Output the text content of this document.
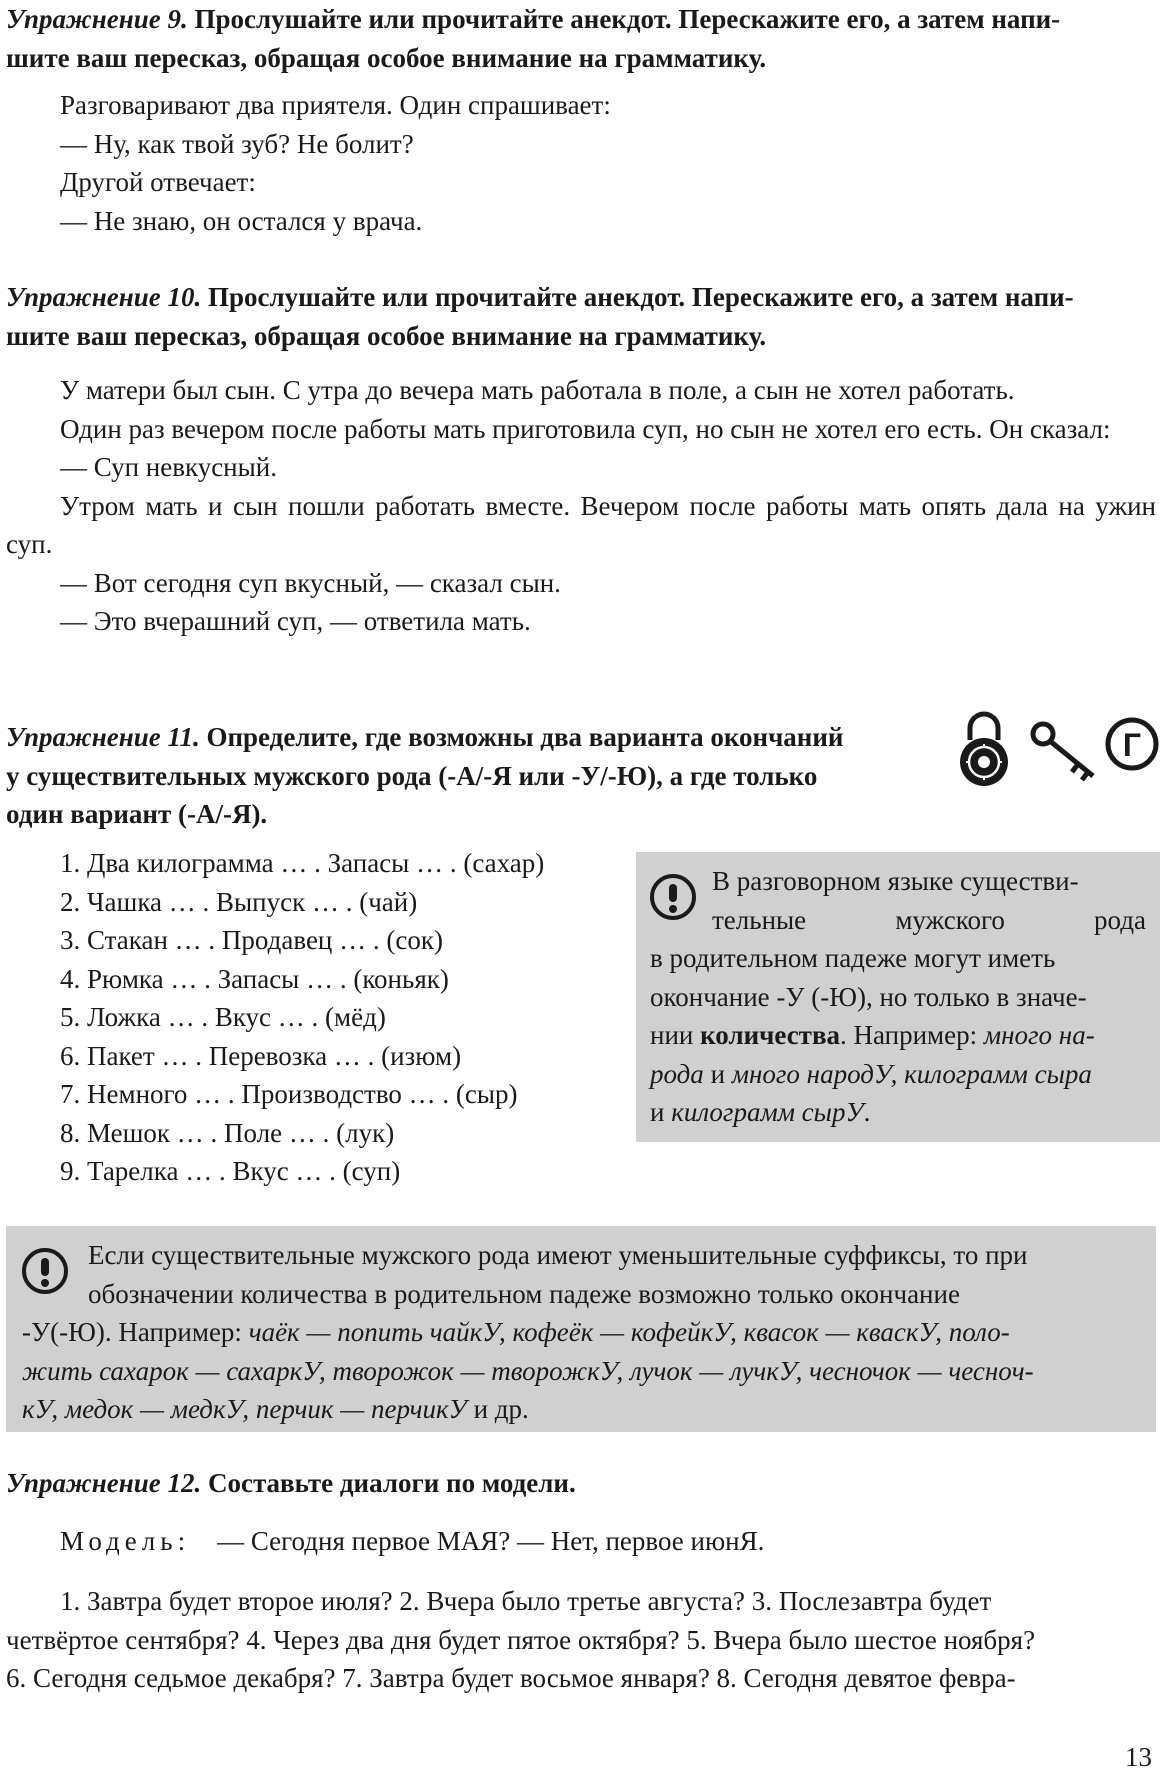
Упражнение 9. Прослушайте или прочитайте анекдот. Перескажите его, а затем напи-
шите ваш пересказ, обращая особое внимание на грамматику.
Разговаривают два приятеля. Один спрашивает:
— Ну, как твой зуб? Не болит?
Другой отвечает:
— Не знаю, он остался у врача.
Упражнение 10. Прослушайте или прочитайте анекдот. Перескажите его, а затем напи-
шите ваш пересказ, обращая особое внимание на грамматику.
У матери был сын. С утра до вечера мать работала в поле, а сын не хотел работать.
Один раз вечером после работы мать приготовила суп, но сын не хотел его есть. Он сказал:
— Суп невкусный.
Утром мать и сын пошли работать вместе. Вечером после работы мать опять дала на ужин суп.
— Вот сегодня суп вкусный, — сказал сын.
— Это вчерашний суп, — ответила мать.
Упражнение 11. Определите, где возможны два варианта окончаний
у существительных мужского рода (-А/-Я или -У/-Ю), а где только
один вариант (-А/-Я).
Г
1. Два килограмма … . Запасы … . (сахар)
2. Чашка … . Выпуск … . (чай)
3. Стакан … . Продавец … . (сок)
4. Рюмка … . Запасы … . (коньяк)
5. Ложка … . Вкус … . (мёд)
6. Пакет … . Перевозка … . (изюм)
7. Немного … . Производство … . (сыр)
8. Мешок … . Поле … . (лук)
9. Тарелка … . Вкус … . (суп)
В разговорном языке существи-
тельные мужского рода
в родительном падеже могут иметь
окончание -У (-Ю), но только в значе-
нии количества. Например: много на-
рода и много народУ, килограмм сыра
и килограмм сырУ.
Если существительные мужского рода имеют уменьшительные суффиксы, то при
обозначении количества в родительном падеже возможно только окончание
-У(-Ю). Например: чаёк — попить чайкУ, кофеёк — кофейкУ, квасок — кваскУ, поло-
жить сахарок — сахаркУ, творожок — творожкУ, лучок — лучкУ, чесночок — чеснoч-
кУ, медок — медкУ, перчик — перчикУ и др.
Упражнение 12. Составьте диалоги по модели.
Модель: — Сегодня первое МАЯ? — Нет, первое июнЯ.
1. Завтра будет второе июля? 2. Вчера было третье августа? 3. Послезавтра будет
четвёртое сентября? 4. Через два дня будет пятое октября? 5. Вчера было шестое ноября?
6. Сегодня седьмое декабря? 7. Завтра будет восьмое января? 8. Сегодня девятое февра-
13
